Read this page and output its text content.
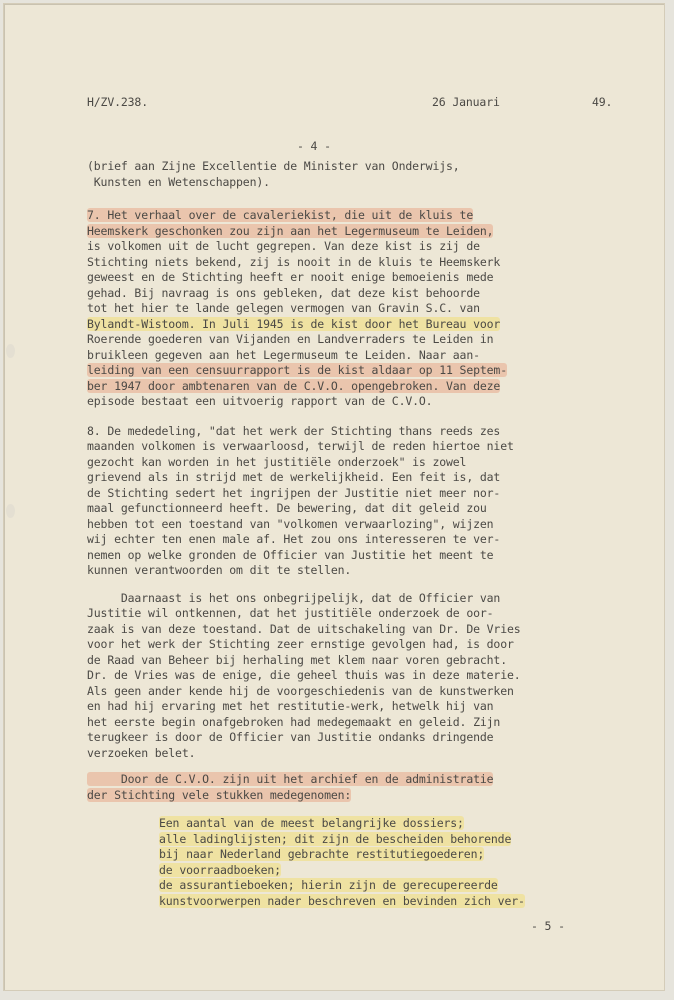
H/ZV.238.	26 Januari	49.

- 4 -

(brief aan Zijne Excellentie de Minister van Onderwijs,

Kunsten en Wetenschappen).

7. Het verhaal over de cavaleriekist, die uit de kluis te

Heemskerk geschonken zou zijn aan het Legermuseum te Leiden,

is volkomen uit de lucht gegrepen. Van deze kist is zij de

Stichting niets bekend, zij is nooit in de kluis te Heemskerk

geweest en de Stichting heeft er nooit enige bemoeienis mede

gehad. Bij navraag is ons gebleken, dat deze kist behoorde

tot het hier te lande gelegen vermogen van Gravin S.C. van

Bylandt-Wistoom. In Juli 1945 is de kist door het Bureau voor

Roerende goederen van Vijanden en Landverraders te Leiden in

bruikleen gegeven aan het Legermuseum te Leiden. Naar aan-

leiding van een censuurrapport is de kist aldaar op 11 Septem-

ber 1947 door ambtenaren van de C.V.O. opengebroken. Van deze

episode bestaat een uitvoerig rapport van de C.V.O.

8. De mededeling, "dat het werk der Stichting thans reeds zes

maanden volkomen is verwaarloosd, terwijl de reden hiertoe niet

gezocht kan worden in het justitiële onderzoek" is zowel

grievend als in strijd met de werkelijkheid. Een feit is, dat

de Stichting sedert het ingrijpen der Justitie niet meer nor-

maal gefunctionneerd heeft. De bewering, dat dit geleid zou

hebben tot een toestand van "volkomen verwaarlozing", wijzen

wij echter ten enen male af. Het zou ons interesseren te ver-

nemen op welke gronden de Officier van Justitie het meent te

kunnen verantwoorden om dit te stellen.

Daarnaast is het ons onbegrijpelijk, dat de Officier van

Justitie wil ontkennen, dat het justitiële onderzoek de oor-

zaak is van deze toestand. Dat de uitschakeling van Dr. De Vries

voor het werk der Stichting zeer ernstige gevolgen had, is door

de Raad van Beheer bij herhaling met klem naar voren gebracht.

Dr. de Vries was de enige, die geheel thuis was in deze materie.

Als geen ander kende hij de voorgeschiedenis van de kunstwerken

en had hij ervaring met het restitutie-werk, hetwelk hij van

het eerste begin onafgebroken had medegemaakt en geleid. Zijn

terugkeer is door de Officier van Justitie ondanks dringende

verzoeken belet.

Door de C.V.O. zijn uit het archief en de administratie

der Stichting vele stukken medegenomen:

Een aantal van de meest belangrijke dossiers;

alle ladinglijsten; dit zijn de bescheiden behorende

bij naar Nederland gebrachte restitutiegoederen;

de voorraadboeken;

de assurantieboeken; hierin zijn de gerecupereerde

kunstvoorwerpen nader beschreven en bevinden zich ver-

- 5 -
